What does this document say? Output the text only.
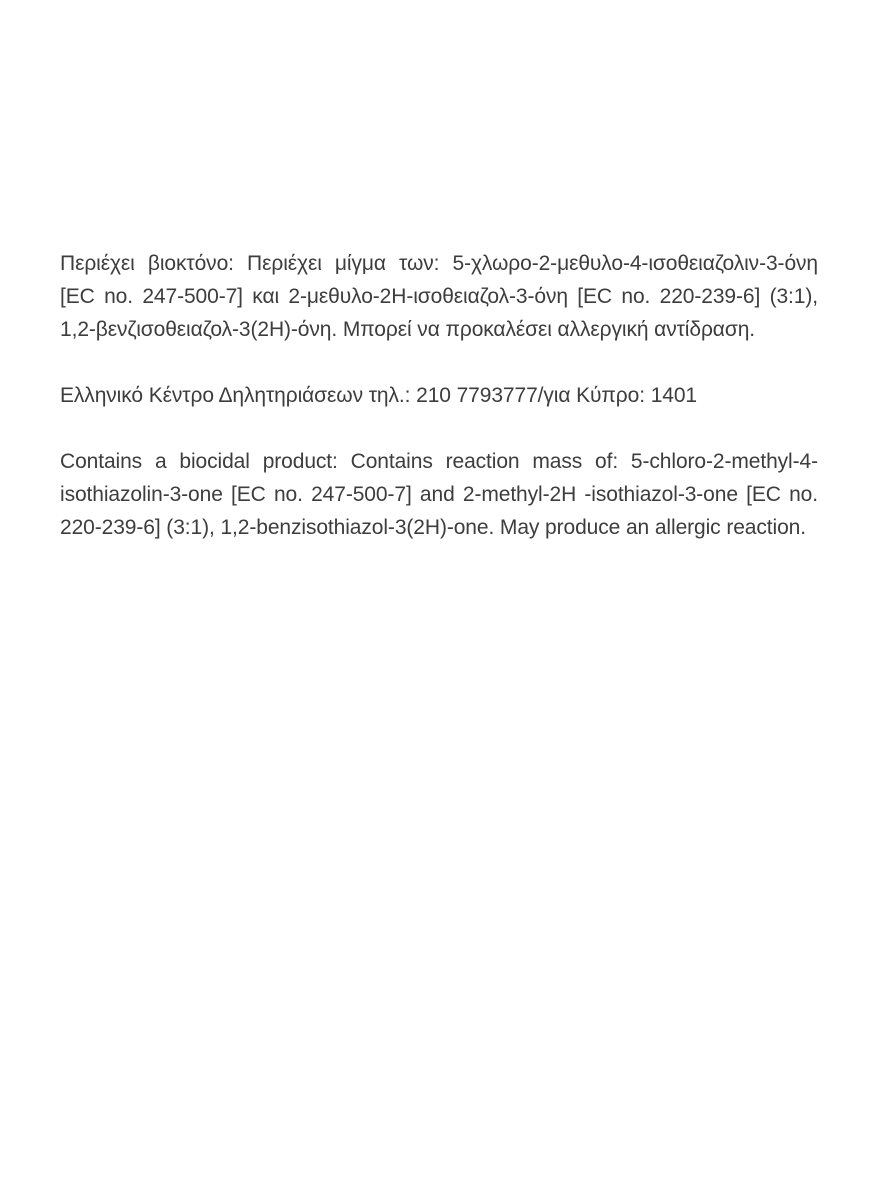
Περιέχει βιοκτόνο: Περιέχει μίγμα των: 5-χλωρο-2-μεθυλο-4-ισοθειαζολιν-3-όνη
[EC no. 247-500-7] και 2-μεθυλο-2H-ισοθειαζολ-3-όνη [EC no. 220-239-6] (3:1),
1,2-βενζισοθειαζολ-3(2H)-όνη. Μπορεί να προκαλέσει αλλεργική αντίδραση.
Ελληνικό Κέντρο Δηλητηριάσεων τηλ.: 210 7793777/για Κύπρο: 1401
Contains a biocidal product: Contains reaction mass of: 5-chloro-2-methyl-4-
isothiazolin-3-one [EC no. 247-500-7] and 2-methyl-2H -isothiazol-3-one [EC no.
220-239-6] (3:1), 1,2-benzisothiazol-3(2H)-one. May produce an allergic reaction.
